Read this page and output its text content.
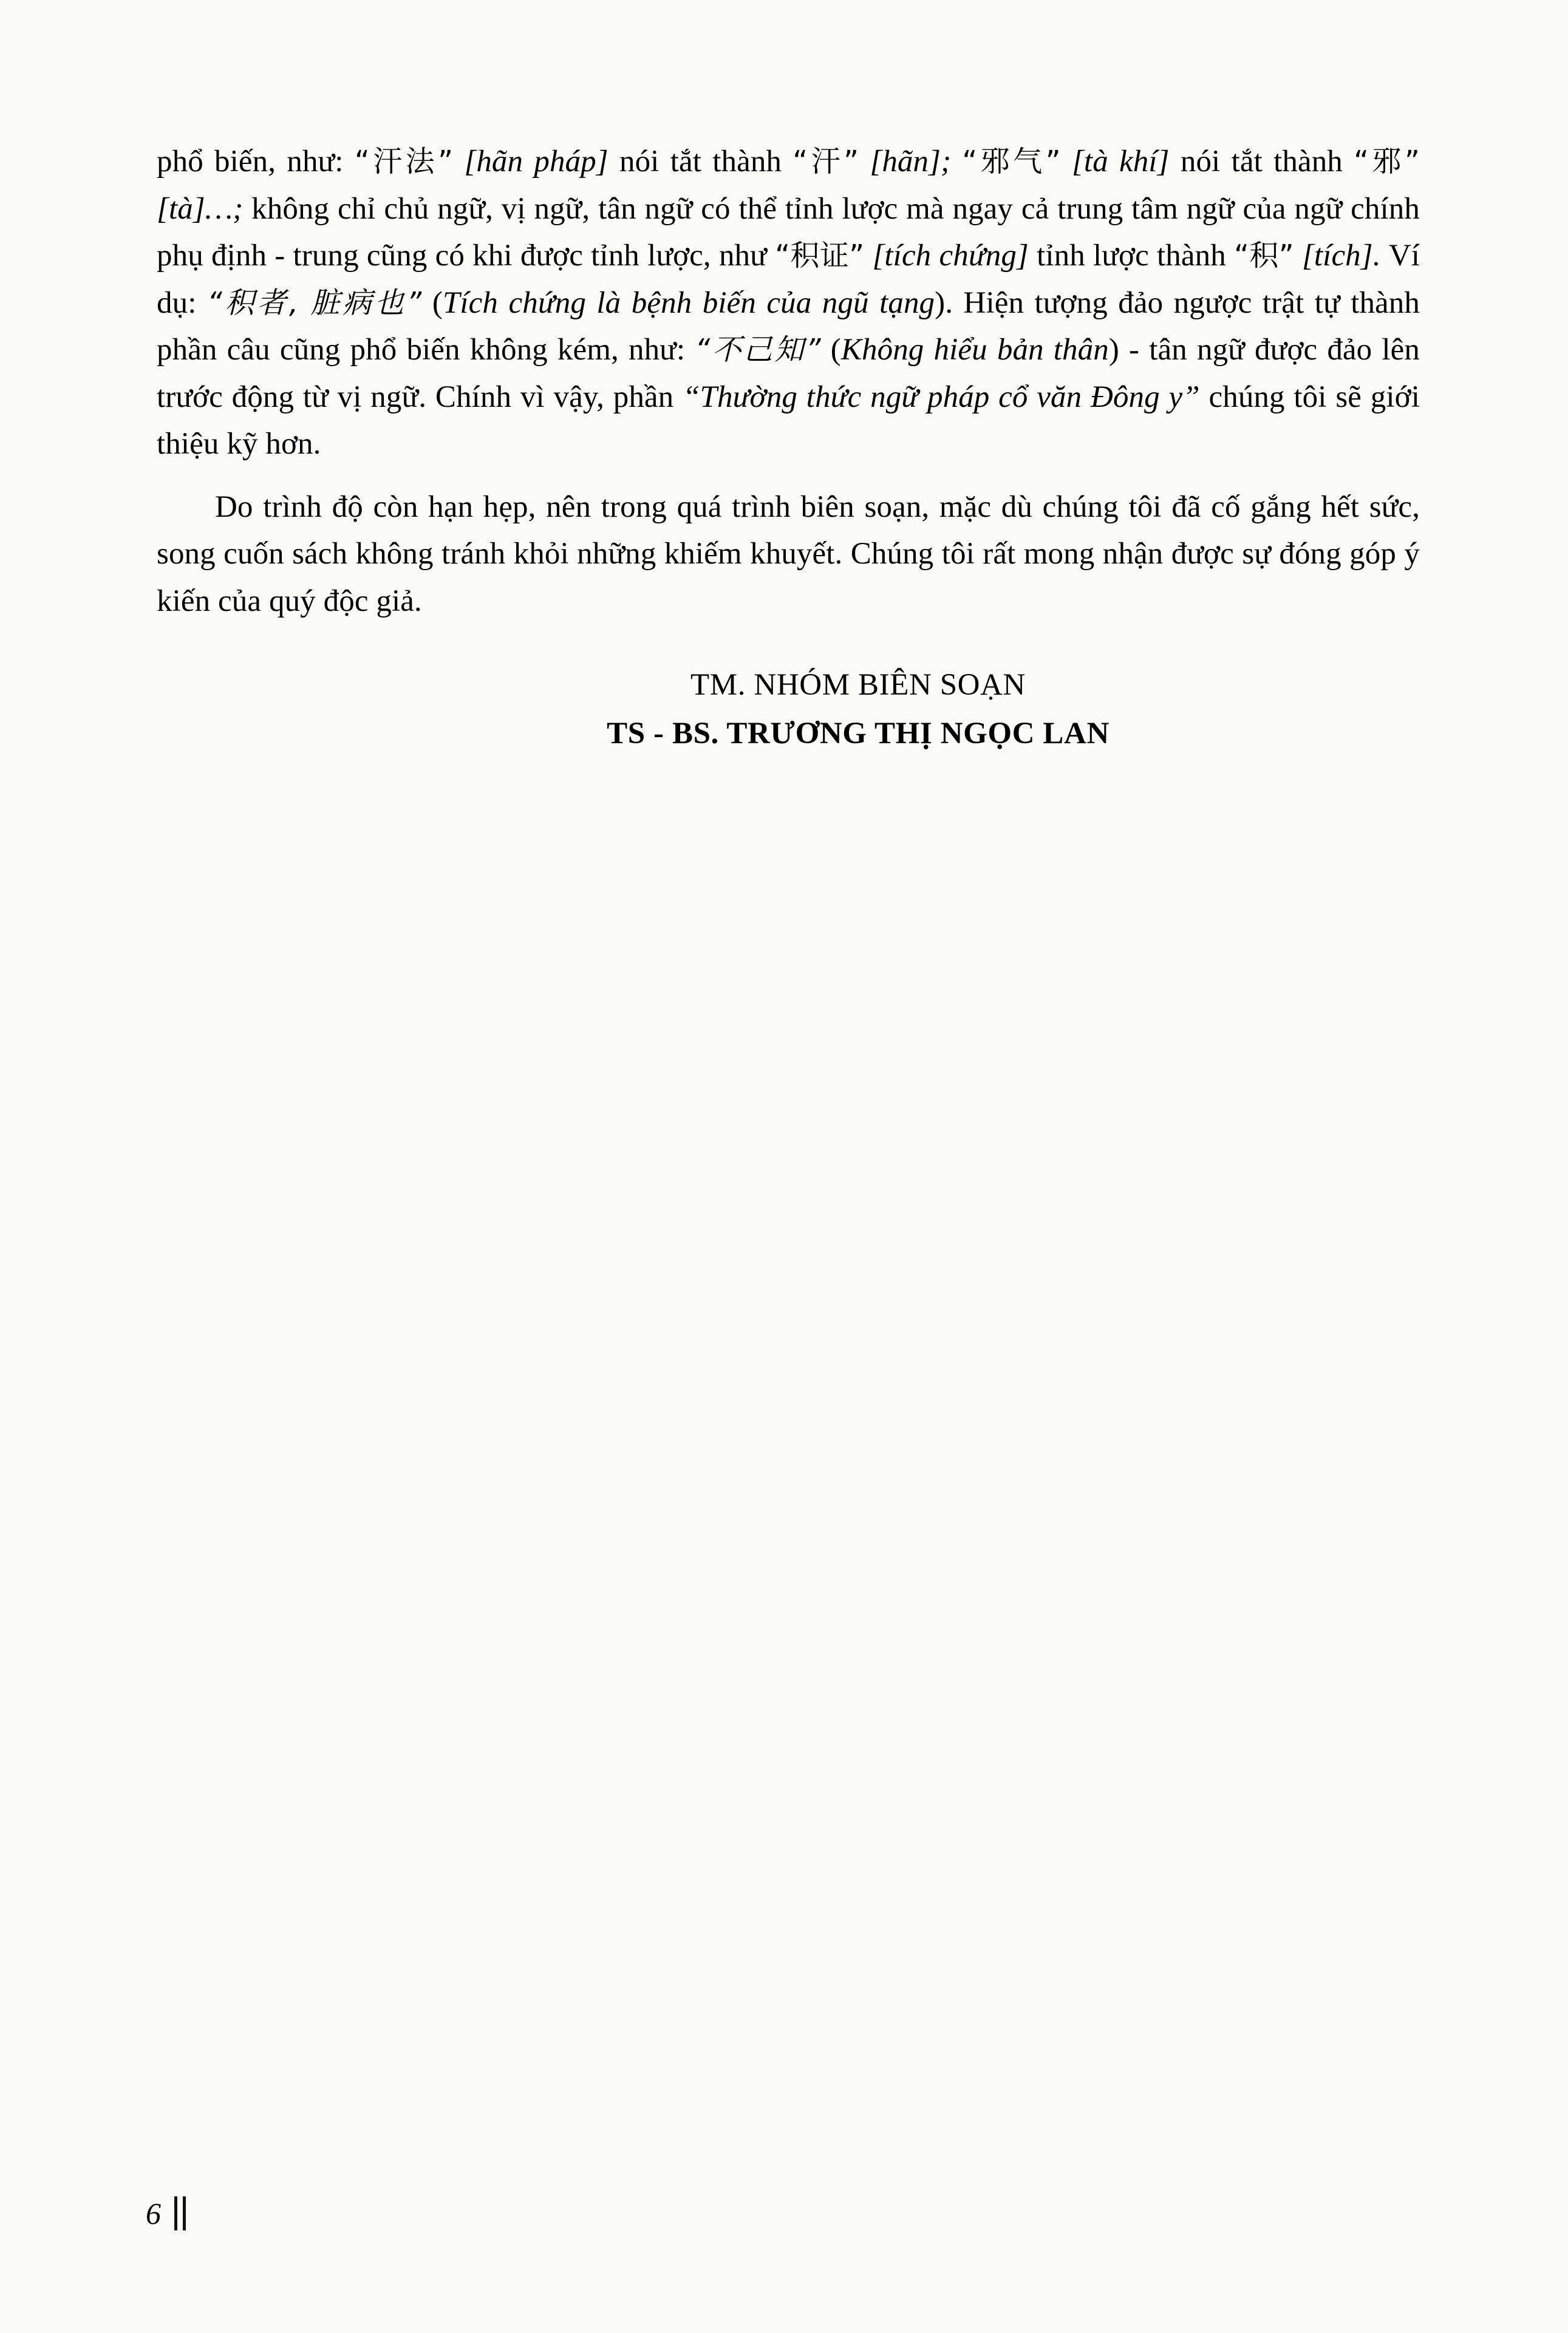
phổ biến, như: “汗法” [hãn pháp] nói tắt thành “汗” [hãn]; “邪气” [tà khí] nói tắt thành “邪” [tà]…; không chỉ chủ ngữ, vị ngữ, tân ngữ có thể tỉnh lược mà ngay cả trung tâm ngữ của ngữ chính phụ định - trung cũng có khi được tỉnh lược, như “积证” [tích chứng] tỉnh lược thành “积” [tích]. Ví dụ: “积者, 脏病也” (Tích chứng là bệnh biến của ngũ tạng). Hiện tượng đảo ngược trật tự thành phần câu cũng phổ biến không kém, như: “不己知” (Không hiểu bản thân) - tân ngữ được đảo lên trước động từ vị ngữ. Chính vì vậy, phần “Thường thức ngữ pháp cổ văn Đông y” chúng tôi sẽ giới thiệu kỹ hơn.

Do trình độ còn hạn hẹp, nên trong quá trình biên soạn, mặc dù chúng tôi đã cố gắng hết sức, song cuốn sách không tránh khỏi những khiếm khuyết. Chúng tôi rất mong nhận được sự đóng góp ý kiến của quý độc giả.

TM. NHÓM BIÊN SOẠN
TS - BS. TRƯƠNG THỊ NGỌC LAN
6
